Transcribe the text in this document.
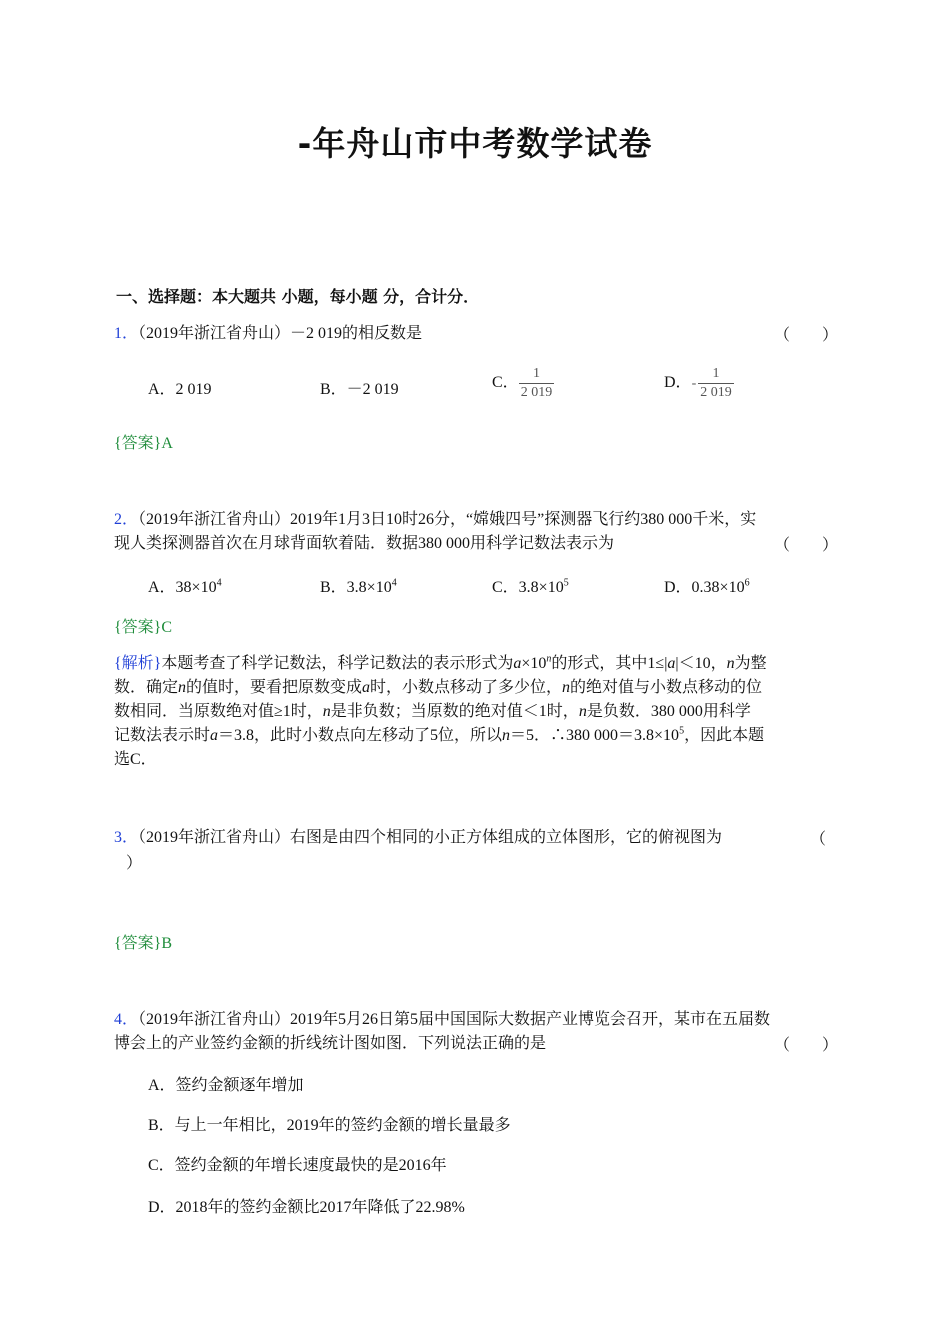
-年舟山市中考数学试卷
一、选择题：本大题共 小题，每小题 分，合计分．
1．（2019年浙江省舟山）－2 019的相反数是	（　　）
A．2 019	B．－2 019	C． $\frac{1}{2 019}$	D．- $\frac{1}{2 019}$
{答案}A
2．（2019年浙江省舟山）2019年1月3日10时26分，“嫦娥四号”探测器飞行约380 000千米，实
现人类探测器首次在月球背面软着陆．数据380 000用科学记数法表示为	（　　）
A．$38\times 10^4$	B．$3.8\times 10^4$	C．$3.8\times 10^5$	D．$0.38\times 10^6$
{答案}C
{解析}本题考查了科学记数法，科学记数法的表示形式为$a\times 10^n$的形式，其中1≤|a|＜10，n为整
数．确定n的值时，要看把原数变成a时，小数点移动了多少位，n的绝对值与小数点移动的位
数相同．当原数绝对值≥1时，n是非负数；当原数的绝对值＜1时，n是负数．380 000用科学
记数法表示时a＝3.8，此时小数点向左移动了5位，所以n＝5．∴380 $000=3.8\times 10^5$，因此本题
选C．
3．（2019年浙江省舟山）右图是由四个相同的小正方体组成的立体图形，它的俯视图为	（
）
{答案}B
4．（2019年浙江省舟山）2019年5月26日第5届中国国际大数据产业博览会召开，某市在五届数
博会上的产业签约金额的折线统计图如图．下列说法正确的是	（　　）
A．签约金额逐年增加
B．与上一年相比，2019年的签约金额的增长量最多
C．签约金额的年增长速度最快的是2016年
D．2018年的签约金额比2017年降低了22.98%
